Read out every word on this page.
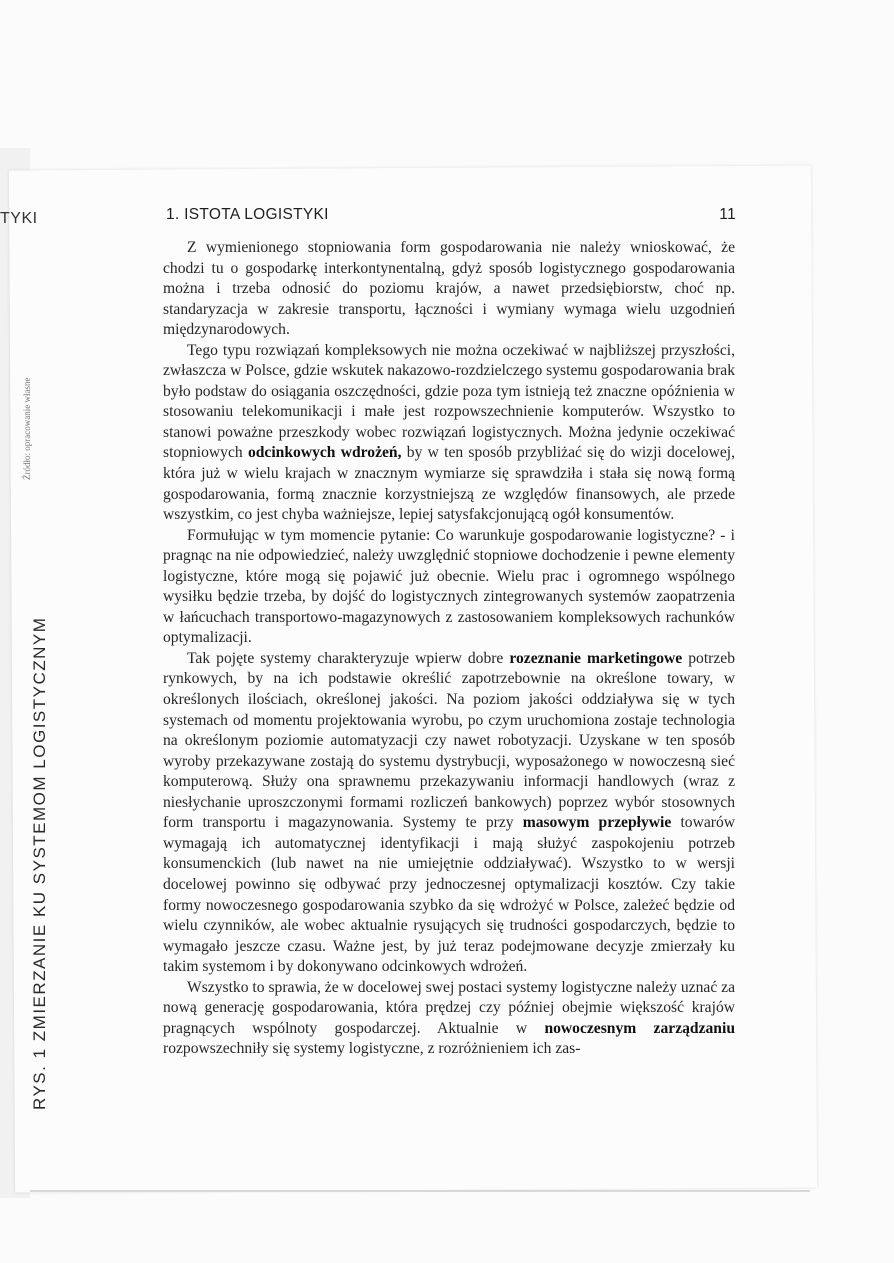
TYKI
Źródło: opracowanie własne
RYS. 1 ZMIERZANIE KU SYSTEMOM LOGISTYCZNYM
1. ISTOTA LOGISTYKI	11

Z wymienionego stopniowania form gospodarowania nie należy wnioskować, że chodzi tu o gospodarkę interkontynentalną, gdyż sposób logistycznego gospodarowania można i trzeba odnosić do poziomu krajów, a nawet przedsiębiorstw, choć np. standaryzacja w zakresie transportu, łączności i wymiany wymaga wielu uzgodnień międzynarodowych.

Tego typu rozwiązań kompleksowych nie można oczekiwać w najbliższej przyszłości, zwłaszcza w Polsce, gdzie wskutek nakazowo-rozdzielczego systemu gospodarowania brak było podstaw do osiągania oszczędności, gdzie poza tym istnieją też znaczne opóźnienia w stosowaniu telekomunikacji i małe jest rozpowszechnienie komputerów. Wszystko to stanowi poważne przeszkody wobec rozwiązań logistycznych. Można jedynie oczekiwać stopniowych odcinkowych wdrożeń, by w ten sposób przybliżać się do wizji docelowej, która już w wielu krajach w znacznym wymiarze się sprawdziła i stała się nową formą gospodarowania, formą znacznie korzystniejszą ze względów finansowych, ale przede wszystkim, co jest chyba ważniejsze, lepiej satysfakcjonującą ogół konsumentów.

Formułując w tym momencie pytanie: Co warunkuje gospodarowanie logistyczne? - i pragnąc na nie odpowiedzieć, należy uwzględnić stopniowe dochodzenie i pewne elementy logistyczne, które mogą się pojawić już obecnie. Wielu prac i ogromnego wspólnego wysiłku będzie trzeba, by dojść do logistycznych zintegrowanych systemów zaopatrzenia w łańcuchach transportowo-magazynowych z zastosowaniem kompleksowych rachunków optymalizacji.

Tak pojęte systemy charakteryzuje wpierw dobre rozeznanie marketingowe potrzeb rynkowych, by na ich podstawie określić zapotrzebownie na określone towary, w określonych ilościach, określonej jakości. Na poziom jakości oddziaływa się w tych systemach od momentu projektowania wyrobu, po czym uruchomiona zostaje technologia na określonym poziomie automatyzacji czy nawet robotyzacji. Uzyskane w ten sposób wyroby przekazywane zostają do systemu dystrybucji, wyposażonego w nowoczesną sieć komputerową. Służy ona sprawnemu przekazywaniu informacji handlowych (wraz z niesłychanie uproszczonymi formami rozliczeń bankowych) poprzez wybór stosownych form transportu i magazynowania. Systemy te przy masowym przepływie towarów wymagają ich automatycznej identyfikacji i mają służyć zaspokojeniu potrzeb konsumenckich (lub nawet na nie umiejętnie oddziaływać). Wszystko to w wersji docelowej powinno się odbywać przy jednoczesnej optymalizacji kosztów. Czy takie formy nowoczesnego gospodarowania szybko da się wdrożyć w Polsce, zależeć będzie od wielu czynników, ale wobec aktualnie rysujących się trudności gospodarczych, będzie to wymagało jeszcze czasu. Ważne jest, by już teraz podejmowane decyzje zmierzały ku takim systemom i by dokonywano odcinkowych wdrożeń.

Wszystko to sprawia, że w docelowej swej postaci systemy logistyczne należy uznać za nową generację gospodarowania, która prędzej czy później obejmie większość krajów pragnących wspólnoty gospodarczej. Aktualnie w nowoczesnym zarządzaniu rozpowszechniły się systemy logistyczne, z rozróżnieniem ich zas-
